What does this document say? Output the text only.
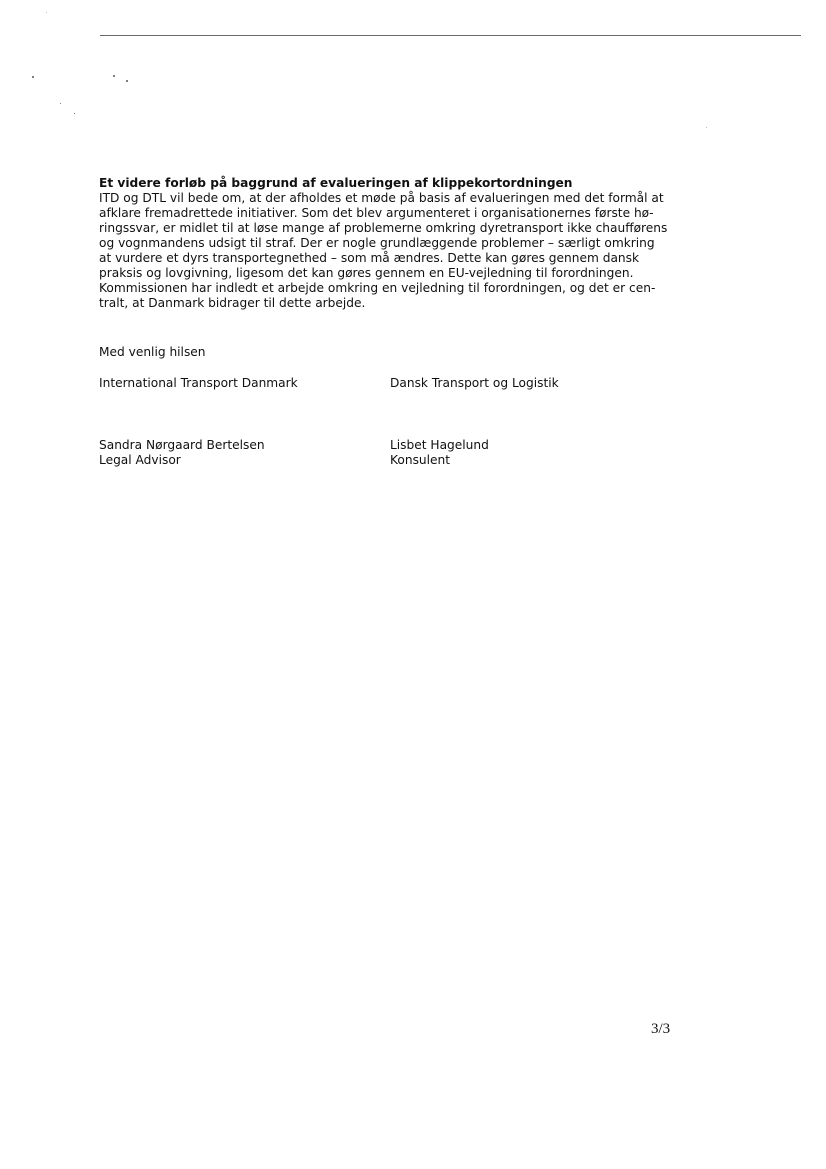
Et videre forløb på baggrund af evalueringen af klippekortordningen

ITD og DTL vil bede om, at der afholdes et møde på basis af evalueringen med det formål at

afklare fremadrettede initiativer. Som det blev argumenteret i organisationernes første hø-

ringssvar, er midlet til at løse mange af problemerne omkring dyretransport ikke chaufførens

og vognmandens udsigt til straf. Der er nogle grundlæggende problemer – særligt omkring

at vurdere et dyrs transportegnethed – som må ændres. Dette kan gøres gennem dansk

praksis og lovgivning, ligesom det kan gøres gennem en EU-vejledning til forordningen.

Kommissionen har indledt et arbejde omkring en vejledning til forordningen, og det er cen-

tralt, at Danmark bidrager til dette arbejde.

Med venlig hilsen

International Transport Danmark	Dansk Transport og Logistik

Sandra Nørgaard Bertelsen

Legal Advisor

Lisbet Hagelund

Konsulent

3/3
